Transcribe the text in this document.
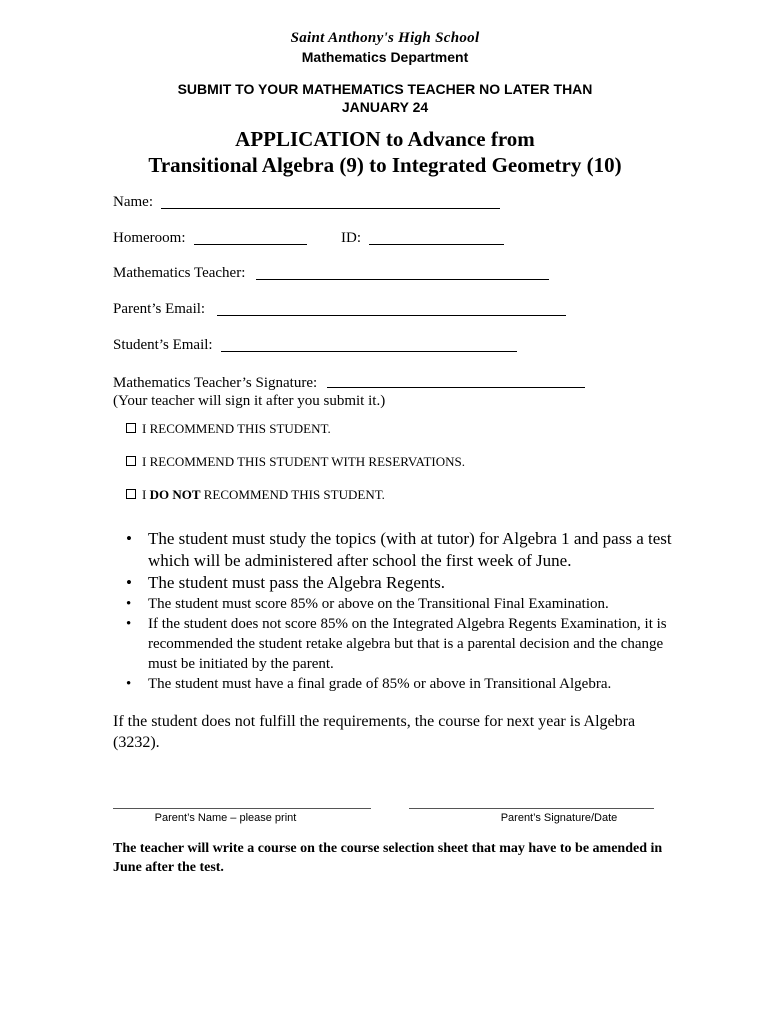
Saint Anthony's High School
Mathematics Department
SUBMIT TO YOUR MATHEMATICS TEACHER NO LATER THAN
JANUARY 24
APPLICATION to Advance from
Transitional Algebra (9) to Integrated Geometry (10)
Name:
Homeroom:	ID:
Mathematics Teacher:
Parent’s Email:
Student’s Email:
Mathematics Teacher’s Signature:
(Your teacher will sign it after you submit it.)
I RECOMMEND THIS STUDENT.
I RECOMMEND THIS STUDENT WITH RESERVATIONS.
I DO NOT RECOMMEND THIS STUDENT.
• The student must study the topics (with at tutor) for Algebra 1 and pass a test which will be administered after school the first week of June.
• The student must pass the Algebra Regents.
• The student must score 85% or above on the Transitional Final Examination.
• If the student does not score 85% on the Integrated Algebra Regents Examination, it is recommended the student retake algebra but that is a parental decision and the change must be initiated by the parent.
• The student must have a final grade of 85% or above in Transitional Algebra.
If the student does not fulfill the requirements, the course for next year is Algebra (3232).
Parent’s Name – please print	Parent’s Signature/Date
The teacher will write a course on the course selection sheet that may have to be amended in June after the test.
